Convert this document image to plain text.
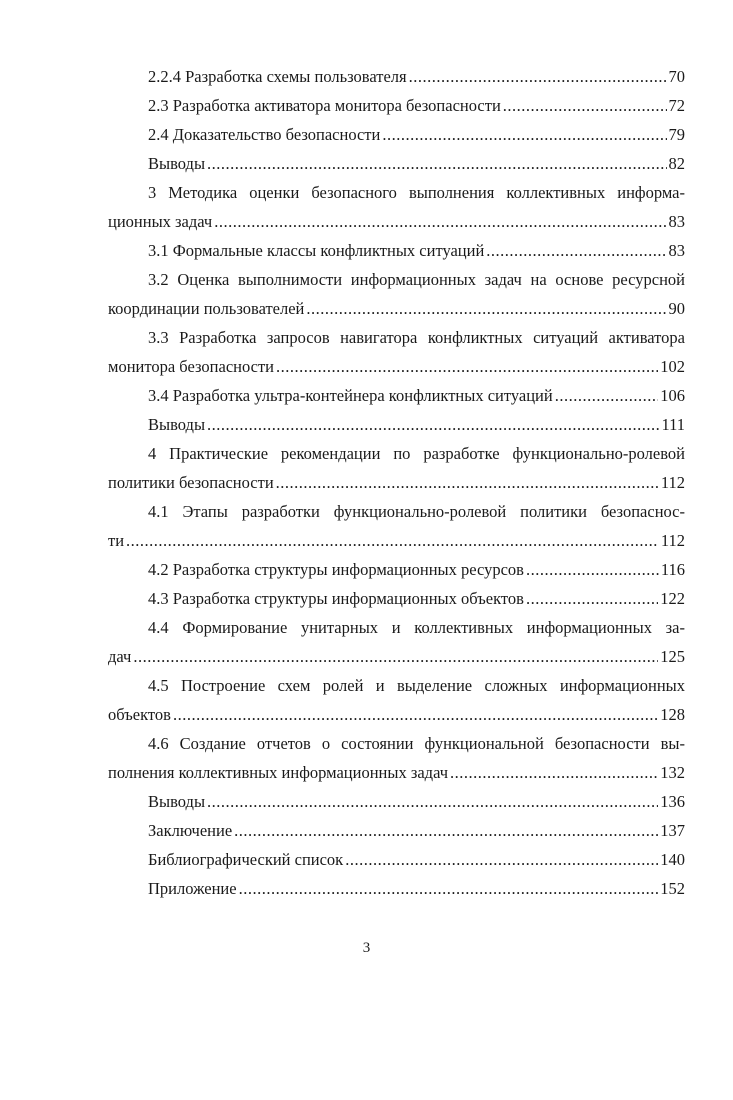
2.2.4 Разработка схемы пользователя .....	70
2.3 Разработка активатора монитора безопасности .....	72
2.4 Доказательство безопасности .....	79
Выводы .....	82
3 Методика оценки безопасного выполнения коллективных информа-
ционных задач .....	83
3.1 Формальные классы конфликтных ситуаций .....	83
3.2 Оценка выполнимости информационных задач на основе ресурсной
координации пользователей .....	90
3.3 Разработка запросов навигатора конфликтных ситуаций активатора
монитора безопасности .....	102
3.4 Разработка ультра-контейнера конфликтных ситуаций .....	106
Выводы .....	111
4 Практические рекомендации по разработке функционально-ролевой
политики безопасности .....	112
4.1 Этапы разработки функционально-ролевой политики безопаснос-
ти .....	112
4.2 Разработка структуры информационных ресурсов .....	116
4.3 Разработка структуры информационных объектов .....	122
4.4 Формирование унитарных и коллективных информационных за-
дач .....	125
4.5 Построение схем ролей и выделение сложных информационных
объектов .....	128
4.6 Создание отчетов о состоянии функциональной безопасности вы-
полнения коллективных информационных задач .....	132
Выводы .....	136
Заключение .....	137
Библиографический список .....	140
Приложение .....	152
3
